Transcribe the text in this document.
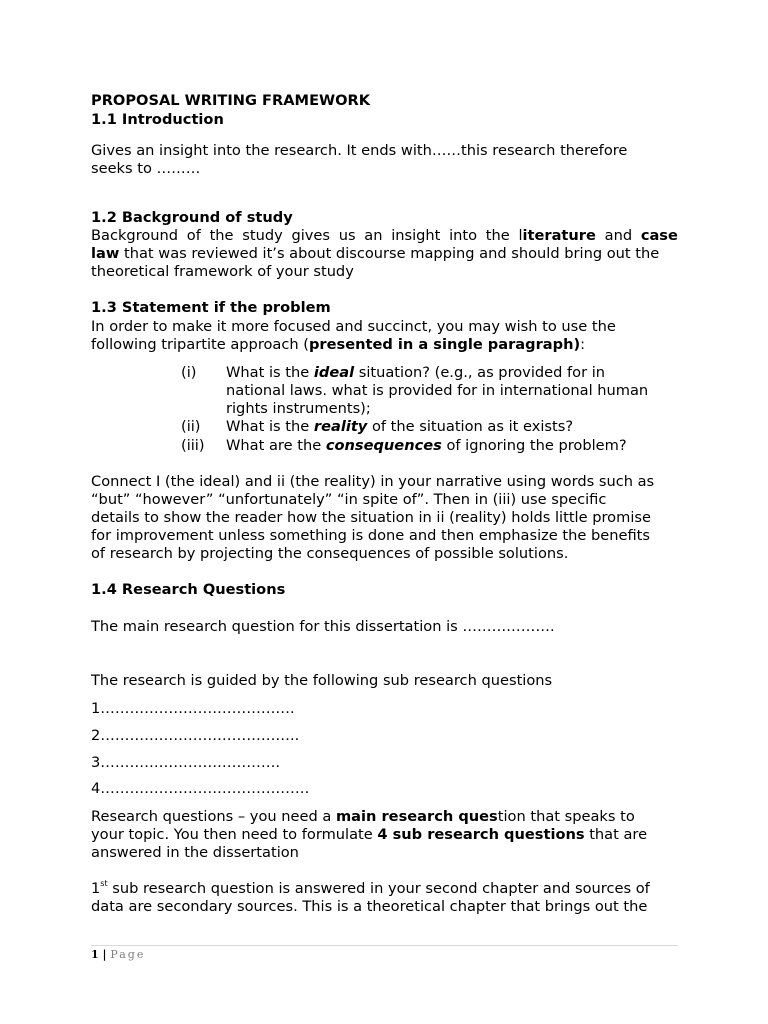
PROPOSAL WRITING FRAMEWORK
1.1 Introduction
Gives an insight into the research. It ends with……this research therefore
seeks to ………
1.2 Background of study
Background of the study gives us an insight into the literature and case
law that was reviewed it’s about discourse mapping and should bring out the
theoretical framework of your study
1.3 Statement if the problem
In order to make it more focused and succinct, you may wish to use the
following tripartite approach (presented in a single paragraph):
(i) What is the ideal situation? (e.g., as provided for in
national laws. what is provided for in international human
rights instruments);
(ii) What is the reality of the situation as it exists?
(iii) What are the consequences of ignoring the problem?
Connect I (the ideal) and ii (the reality) in your narrative using words such as
“but” “however” “unfortunately” “in spite of”. Then in (iii) use specific
details to show the reader how the situation in ii (reality) holds little promise
for improvement unless something is done and then emphasize the benefits
of research by projecting the consequences of possible solutions.
1.4 Research Questions
The main research question for this dissertation is ……………….
The research is guided by the following sub research questions
1………………………………….
2…………………………………..
3……………………………….
4…………………………………….
Research questions – you need a main research question that speaks to
your topic. You then need to formulate 4 sub research questions that are
answered in the dissertation
1st sub research question is answered in your second chapter and sources of
data are secondary sources. This is a theoretical chapter that brings out the
1 | Page
